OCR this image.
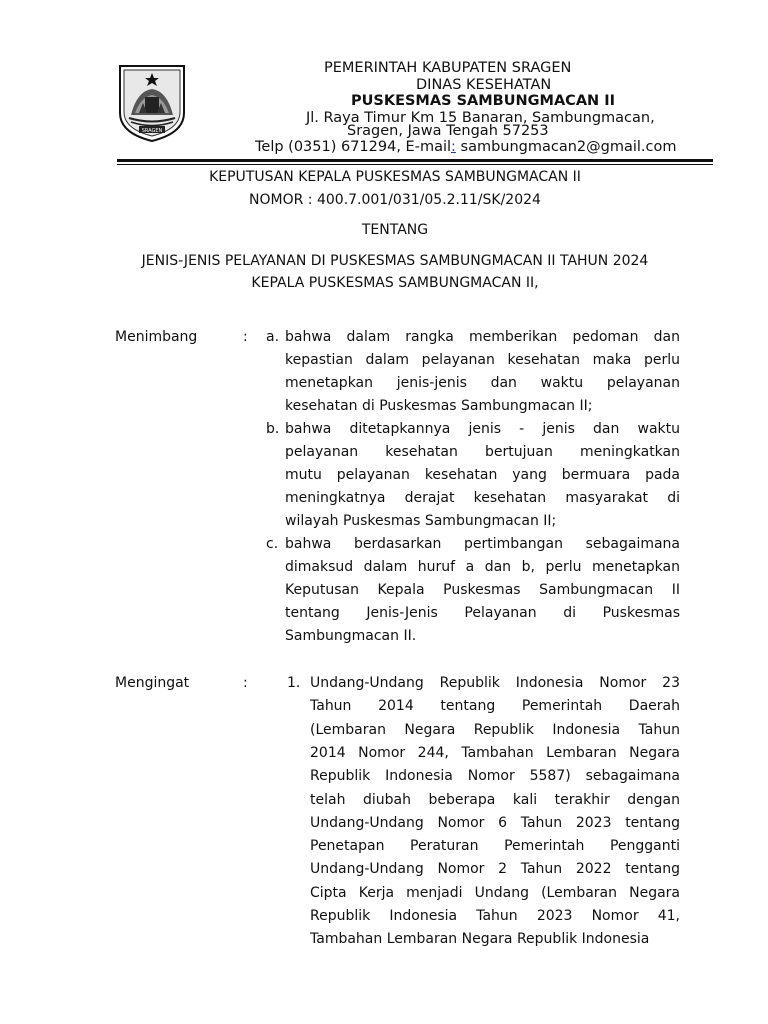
SRAGEN
PEMERINTAH KABUPATEN SRAGEN
DINAS KESEHATAN
PUSKESMAS SAMBUNGMACAN II
Jl. Raya Timur Km 15 Banaran, Sambungmacan,
Sragen, Jawa Tengah 57253
Telp (0351) 671294, E-mail: sambungmacan2@gmail.com
KEPUTUSAN KEPALA PUSKESMAS SAMBUNGMACAN II
NOMOR : 400.7.001/031/05.2.11/SK/2024
TENTANG
JENIS-JENIS PELAYANAN DI PUSKESMAS SAMBUNGMACAN II TAHUN 2024
KEPALA PUSKESMAS SAMBUNGMACAN II,
Menimbang	: a. bahwa dalam rangka memberikan pedoman dan
kepastian dalam pelayanan kesehatan maka perlu
menetapkan jenis-jenis dan waktu pelayanan
kesehatan di Puskesmas Sambungmacan II;
b. bahwa ditetapkannya jenis - jenis dan waktu
pelayanan kesehatan bertujuan meningkatkan
mutu pelayanan kesehatan yang bermuara pada
meningkatnya derajat kesehatan masyarakat di
wilayah Puskesmas Sambungmacan II;
c. bahwa berdasarkan pertimbangan sebagaimana
dimaksud dalam huruf a dan b, perlu menetapkan
Keputusan Kepala Puskesmas Sambungmacan II
tentang Jenis-Jenis Pelayanan di Puskesmas
Sambungmacan II.
Mengingat	:	1. Undang-Undang Republik Indonesia Nomor 23
Tahun 2014 tentang Pemerintah Daerah
(Lembaran Negara Republik Indonesia Tahun
2014 Nomor 244, Tambahan Lembaran Negara
Republik Indonesia Nomor 5587) sebagaimana
telah diubah beberapa kali terakhir dengan
Undang-Undang Nomor 6 Tahun 2023 tentang
Penetapan Peraturan Pemerintah Pengganti
Undang-Undang Nomor 2 Tahun 2022 tentang
Cipta Kerja menjadi Undang (Lembaran Negara
Republik Indonesia Tahun 2023 Nomor 41,
Tambahan Lembaran Negara Republik Indonesia
